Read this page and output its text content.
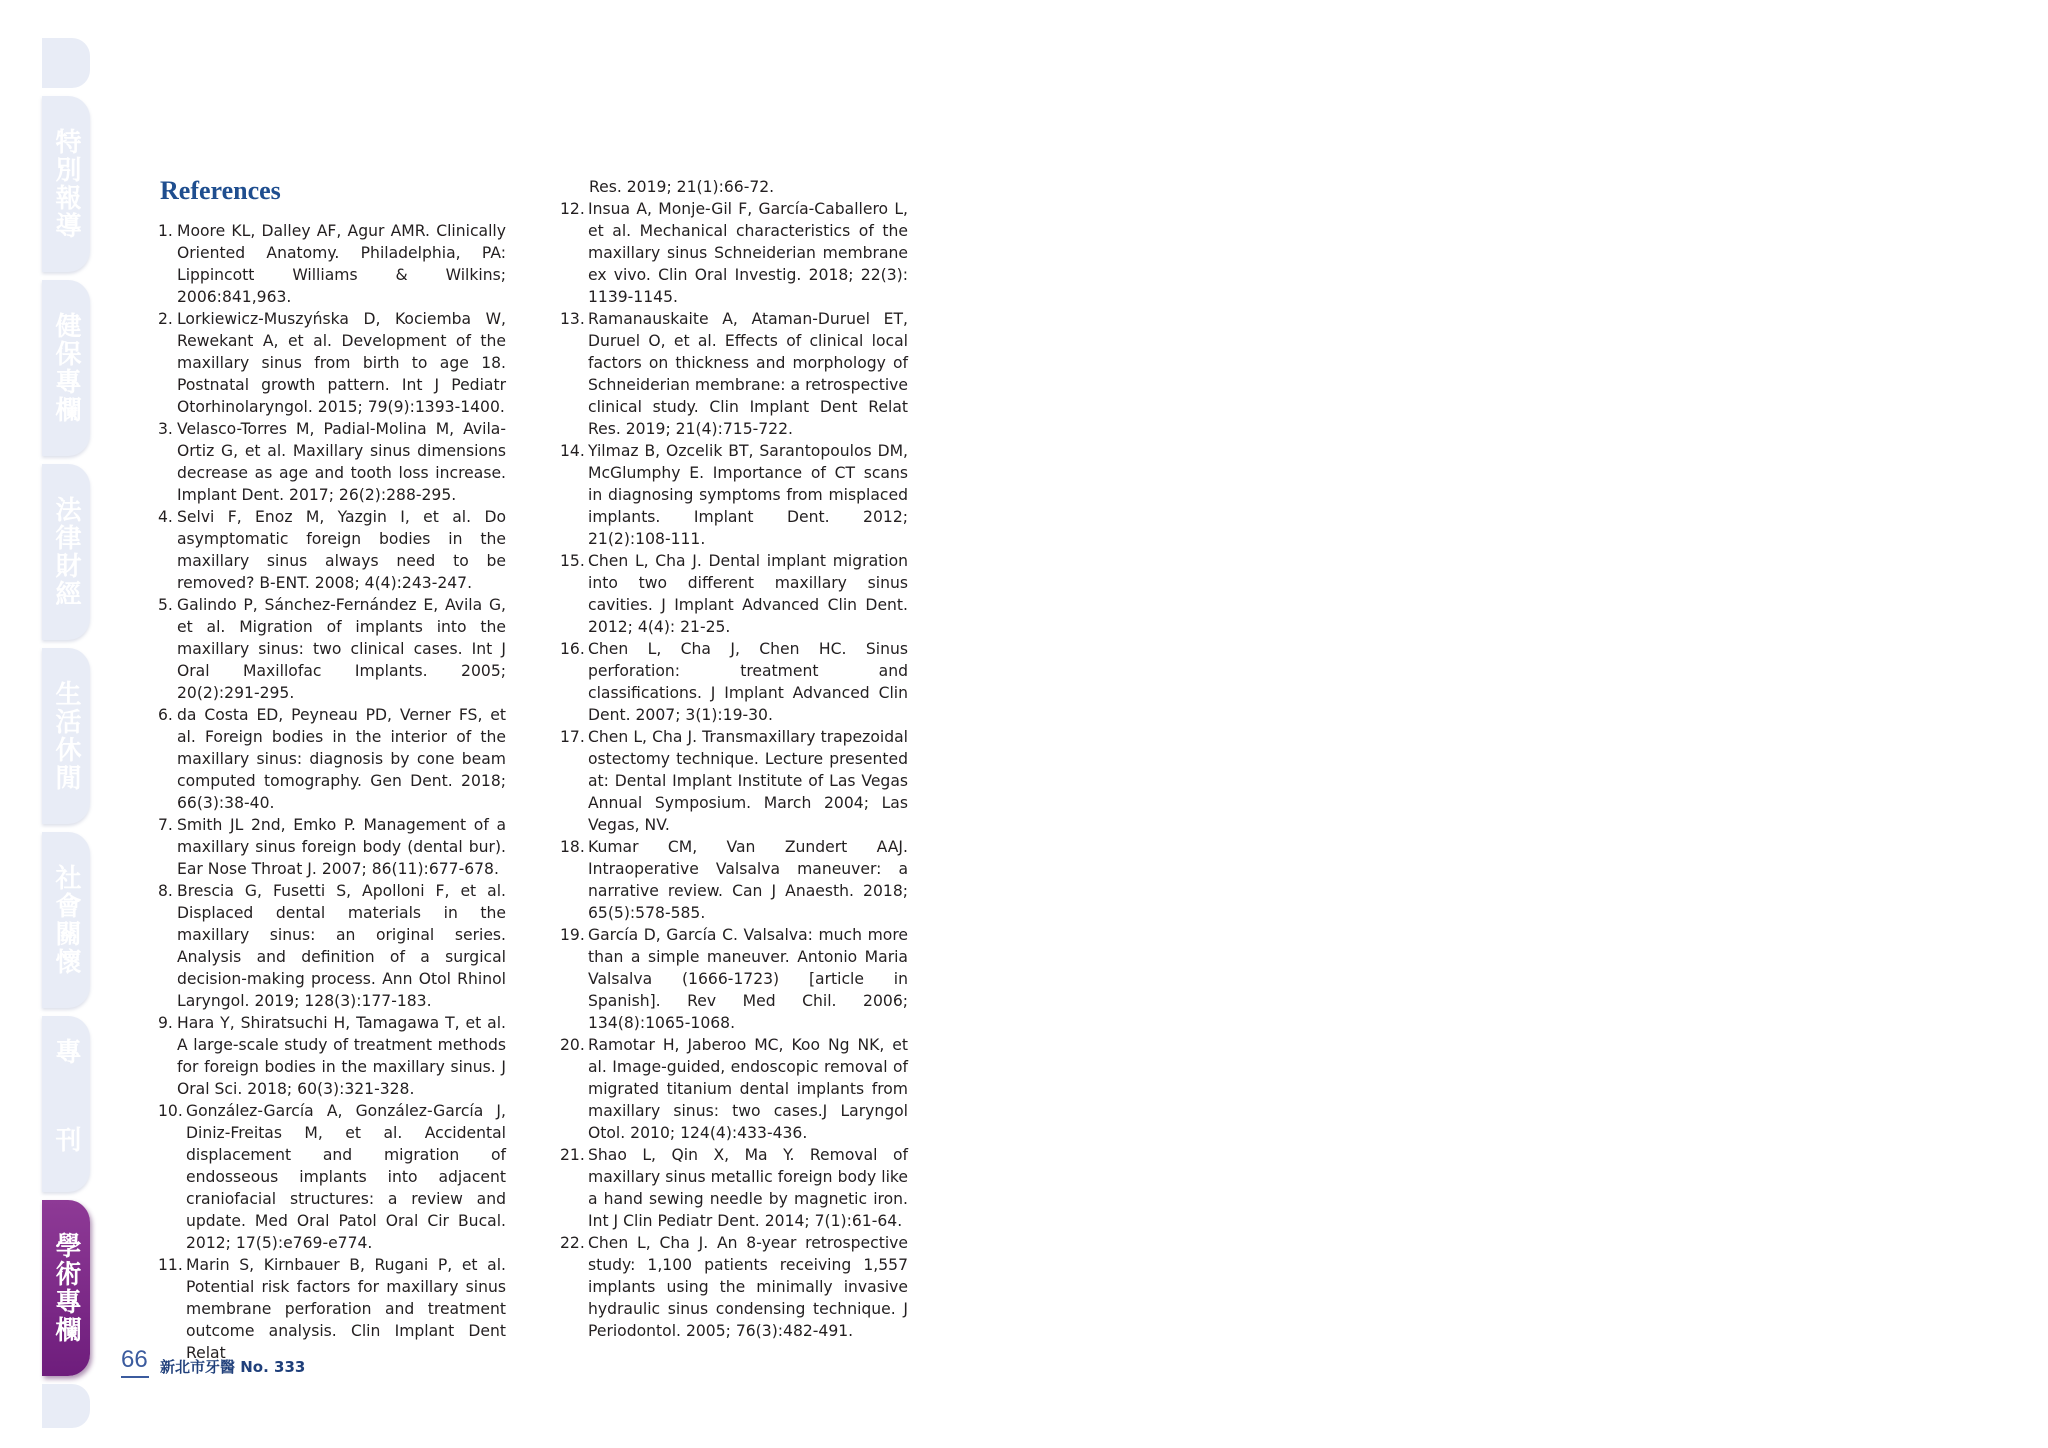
特別報導
健保專欄
法律財經
生活休閒
社會關懷
專　刊
學術專欄
References
1. Moore KL, Dalley AF, Agur AMR. Clinically Oriented Anatomy. Philadelphia, PA: Lippincott Williams & Wilkins; 2006:841,963.
2. Lorkiewicz-Muszyńska D, Kociemba W, Rewekant A, et al. Development of the maxillary sinus from birth to age 18. Postnatal growth pattern. Int J Pediatr Otorhinolaryngol. 2015; 79(9):1393-1400.
3. Velasco-Torres M, Padial-Molina M, Avila-Ortiz G, et al. Maxillary sinus dimensions decrease as age and tooth loss increase. Implant Dent. 2017; 26(2):288-295.
4. Selvi F, Enoz M, Yazgin I, et al. Do asymptomatic foreign bodies in the maxillary sinus always need to be removed? B-ENT. 2008; 4(4):243-247.
5. Galindo P, Sánchez-Fernández E, Avila G, et al. Migration of implants into the maxillary sinus: two clinical cases. Int J Oral Maxillofac Implants. 2005; 20(2):291-295.
6. da Costa ED, Peyneau PD, Verner FS, et al. Foreign bodies in the interior of the maxillary sinus: diagnosis by cone beam computed tomography. Gen Dent. 2018; 66(3):38-40.
7. Smith JL 2nd, Emko P. Management of a maxillary sinus foreign body (dental bur). Ear Nose Throat J. 2007; 86(11):677-678.
8. Brescia G, Fusetti S, Apolloni F, et al. Displaced dental materials in the maxillary sinus: an original series. Analysis and definition of a surgical decision-making process. Ann Otol Rhinol Laryngol. 2019; 128(3):177-183.
9. Hara Y, Shiratsuchi H, Tamagawa T, et al. A large-scale study of treatment methods for foreign bodies in the maxillary sinus. J Oral Sci. 2018; 60(3):321-328.
10. González-García A, González-García J, Diniz-Freitas M, et al. Accidental displacement and migration of endosseous implants into adjacent craniofacial structures: a review and update. Med Oral Patol Oral Cir Bucal. 2012; 17(5):e769-e774.
11. Marin S, Kirnbauer B, Rugani P, et al. Potential risk factors for maxillary sinus membrane perforation and treatment outcome analysis. Clin Implant Dent Relat
Res. 2019; 21(1):66-72.
12. Insua A, Monje-Gil F, García-Caballero L, et al. Mechanical characteristics of the maxillary sinus Schneiderian membrane ex vivo. Clin Oral Investig. 2018; 22(3): 1139-1145.
13. Ramanauskaite A, Ataman-Duruel ET, Duruel O, et al. Effects of clinical local factors on thickness and morphology of Schneiderian membrane: a retrospective clinical study. Clin Implant Dent Relat Res. 2019; 21(4):715-722.
14. Yilmaz B, Ozcelik BT, Sarantopoulos DM, McGlumphy E. Importance of CT scans in diagnosing symptoms from misplaced implants. Implant Dent. 2012; 21(2):108-111.
15. Chen L, Cha J. Dental implant migration into two different maxillary sinus cavities. J Implant Advanced Clin Dent. 2012; 4(4): 21-25.
16. Chen L, Cha J, Chen HC. Sinus perforation: treatment and classifications. J Implant Advanced Clin Dent. 2007; 3(1):19-30.
17. Chen L, Cha J. Transmaxillary trapezoidal ostectomy technique. Lecture presented at: Dental Implant Institute of Las Vegas Annual Symposium. March 2004; Las Vegas, NV.
18. Kumar CM, Van Zundert AAJ. Intraoperative Valsalva maneuver: a narrative review. Can J Anaesth. 2018; 65(5):578-585.
19. García D, García C. Valsalva: much more than a simple maneuver. Antonio Maria Valsalva (1666-1723) [article in Spanish]. Rev Med Chil. 2006; 134(8):1065-1068.
20. Ramotar H, Jaberoo MC, Koo Ng NK, et al. Image-guided, endoscopic removal of migrated titanium dental implants from maxillary sinus: two cases.J Laryngol Otol. 2010; 124(4):433-436.
21. Shao L, Qin X, Ma Y. Removal of maxillary sinus metallic foreign body like a hand sewing needle by magnetic iron. Int J Clin Pediatr Dent. 2014; 7(1):61-64.
22. Chen L, Cha J. An 8-year retrospective study: 1,100 patients receiving 1,557 implants using the minimally invasive hydraulic sinus condensing technique. J Periodontol. 2005; 76(3):482-491.
66 新北市牙醫 No. 333
